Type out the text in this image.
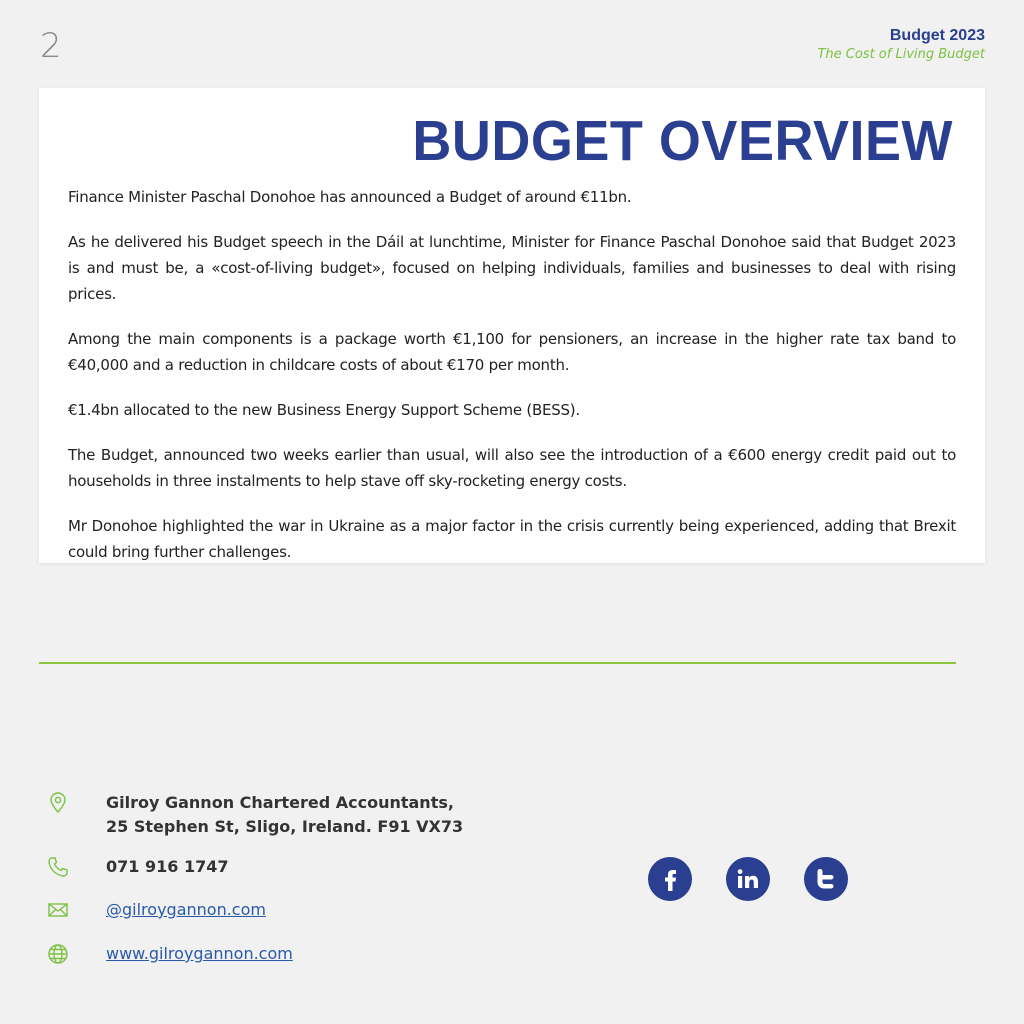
2	Budget 2023
The Cost of Living Budget
BUDGET OVERVIEW

Finance Minister Paschal Donohoe has announced a Budget of around €11bn.

As he delivered his Budget speech in the Dáil at lunchtime, Minister for Finance Paschal Donohoe said that Budget 2023 is and must be, a «cost-of-living budget», focused on helping individuals, families and businesses to deal with rising prices.

Among the main components is a package worth €1,100 for pensioners, an increase in the higher rate tax band to €40,000 and a reduction in childcare costs of about €170 per month.

€1.4bn allocated to the new Business Energy Support Scheme (BESS).

The Budget, announced two weeks earlier than usual, will also see the introduction of a €600 energy credit paid out to households in three instalments to help stave off sky-rocketing energy costs.

Mr Donohoe highlighted the war in Ukraine as a major factor in the crisis currently being experienced, adding that Brexit could bring further challenges.

Gilroy Gannon Chartered Accountants,
25 Stephen St, Sligo, Ireland. F91 VX73
071 916 1747
@gilroygannon.com
www.gilroygannon.com
